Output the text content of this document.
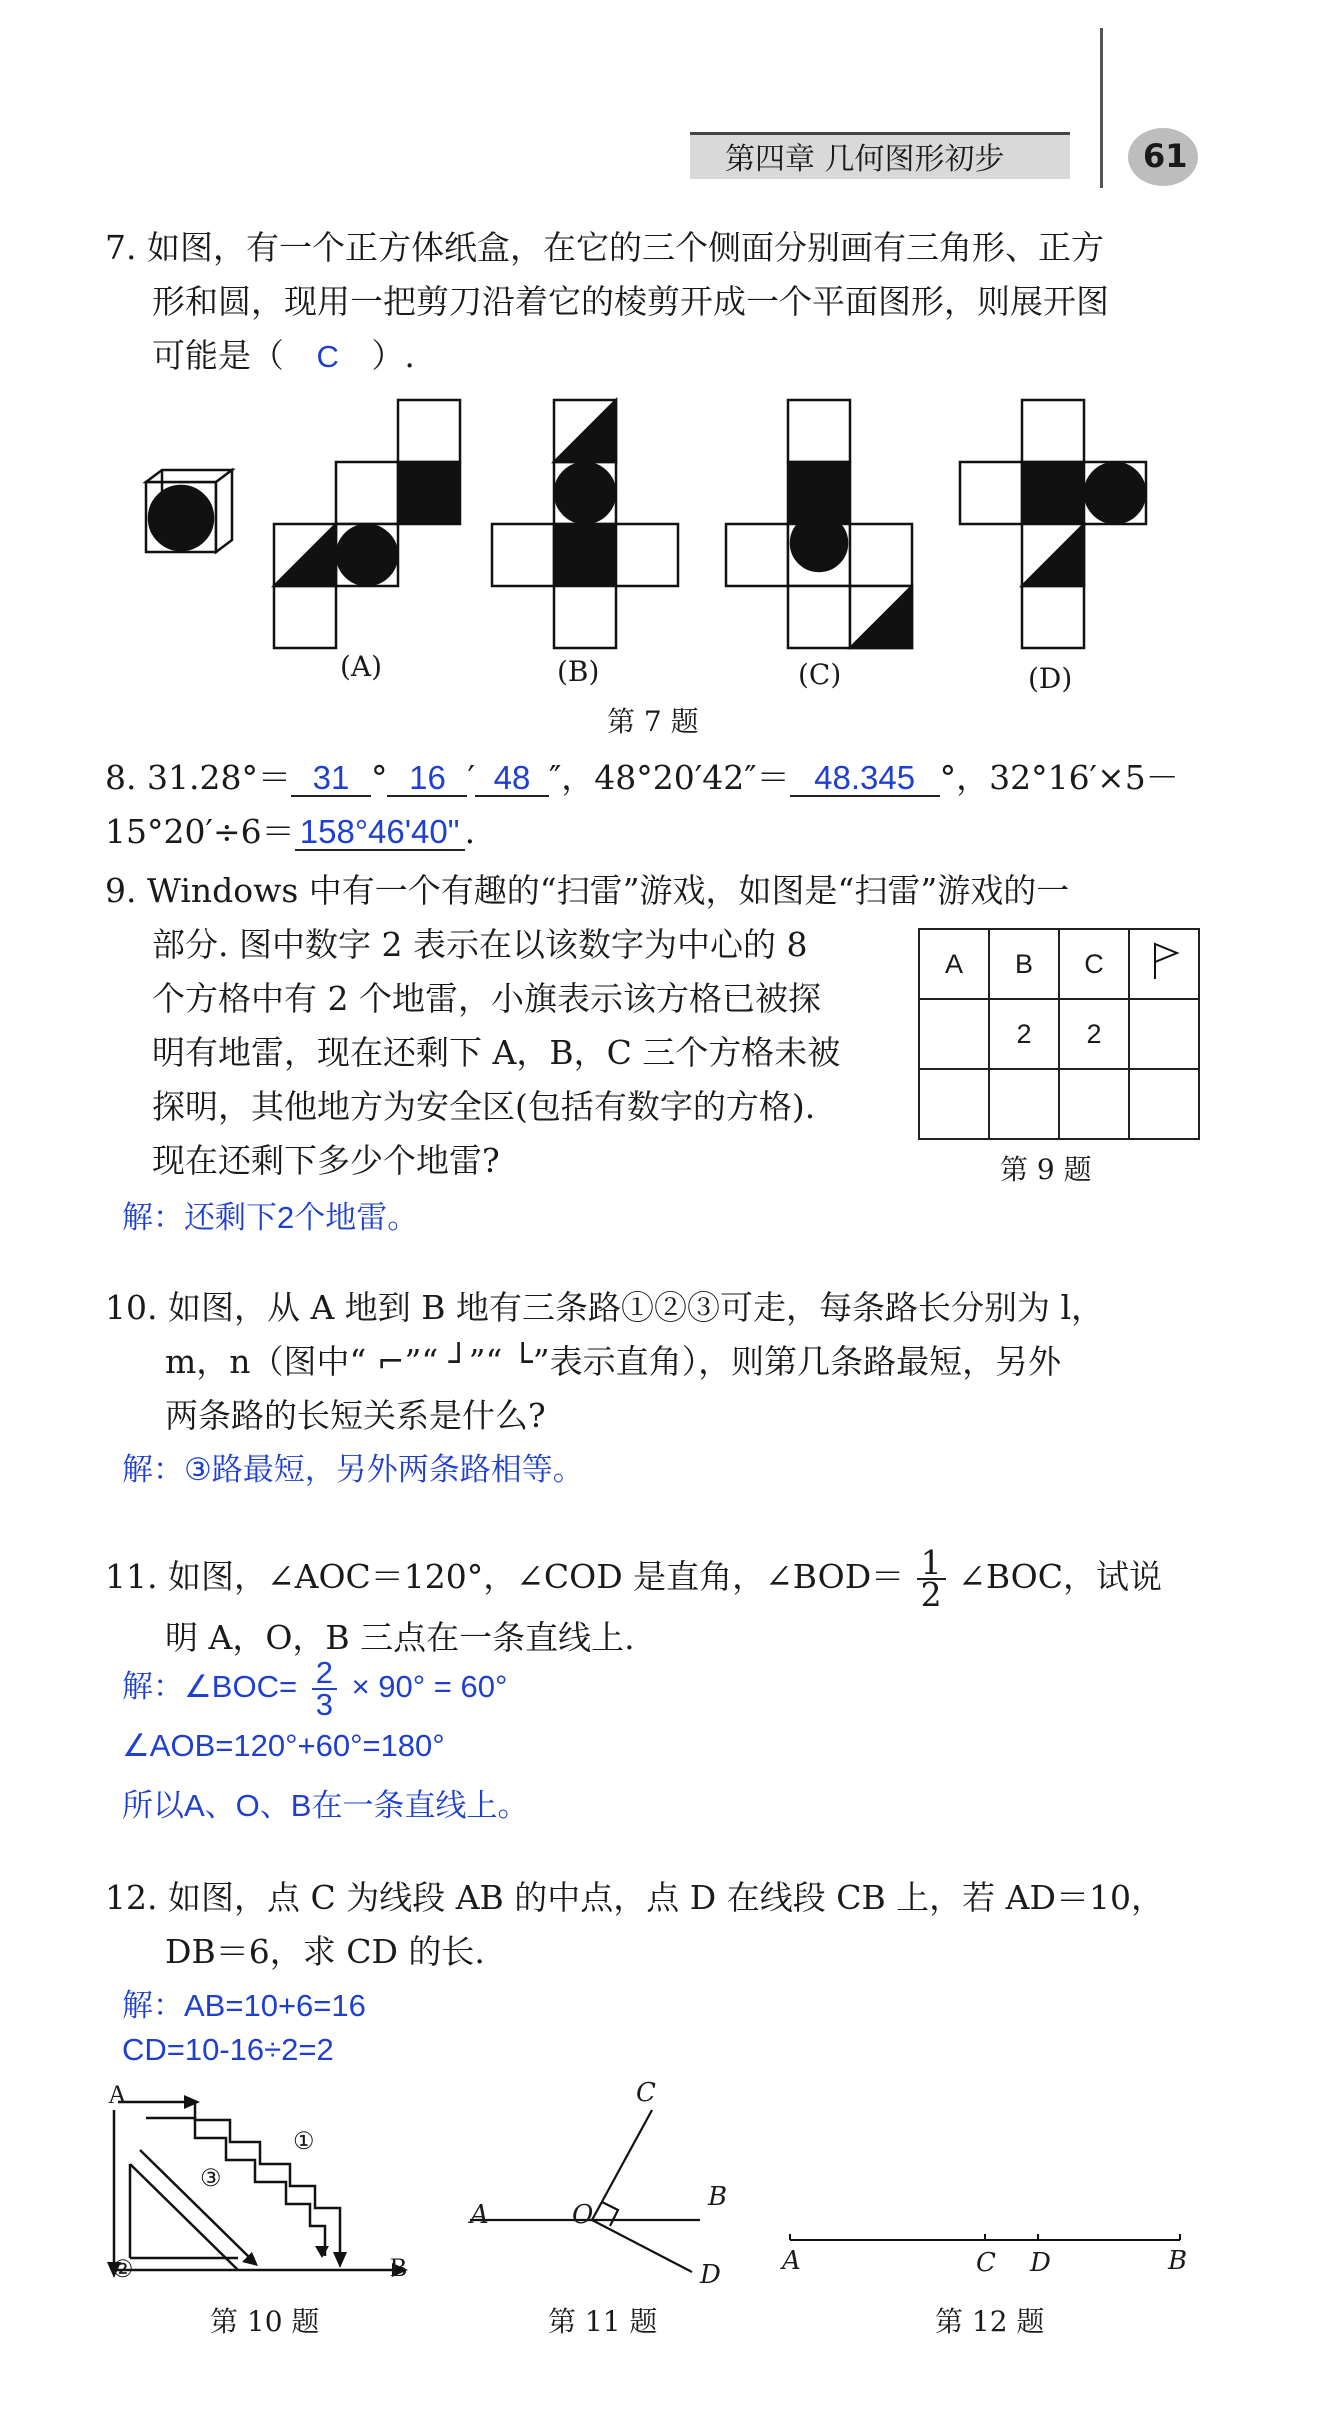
第四章 几何图形初步	61
7. 如图，有一个正方体纸盒，在它的三个侧面分别画有三角形、正方
形和圆，现用一把剪刀沿着它的棱剪开成一个平面图形，则展开图
可能是（ C ）.
(A)	(B)	(C)	(D)
第 7 题
8. 31.28°＝ 31 ° 16 ′ 48 ″，48°20′42″＝ 48.345 °，32°16′×5－
15°20′÷6＝ 158°46'40" .
9. Windows 中有一个有趣的“扫雷”游戏，如图是“扫雷”游戏的一
部分. 图中数字 2 表示在以该数字为中心的 8
个方格中有 2 个地雷，小旗表示该方格已被探
明有地雷，现在还剩下 A，B，C 三个方格未被
探明，其他地方为安全区(包括有数字的方格).
现在还剩下多少个地雷?
A	B	C	
	2	2	

第 9 题
解：还剩下2个地雷。
10. 如图，从 A 地到 B 地有三条路①②③可走，每条路长分别为 l，
m，n（图中“ ⌐”“ ┘”“ └”表示直角），则第几条路最短，另外
两条路的长短关系是什么?
解：③路最短，另外两条路相等。
11. 如图，∠AOC＝120°，∠COD 是直角，∠BOD＝ $\frac{1}{2}$ ∠BOC，试说
明 A，O，B 三点在一条直线上.
解：∠BOC= $\frac{2}{3} \times 90^\circ = 60^\circ$
∠AOB=120°+60°=180°
所以A、O、B在一条直线上。
12. 如图，点 C 为线段 AB 的中点，点 D 在线段 CB 上，若 AD＝10，
DB＝6，求 CD 的长.
解：AB=10+6=16
CD=10-16÷2=2
A
B
①
②
③
第 10 题
A	O
B
C
D
第 11 题
A	C D	B
第 12 题
